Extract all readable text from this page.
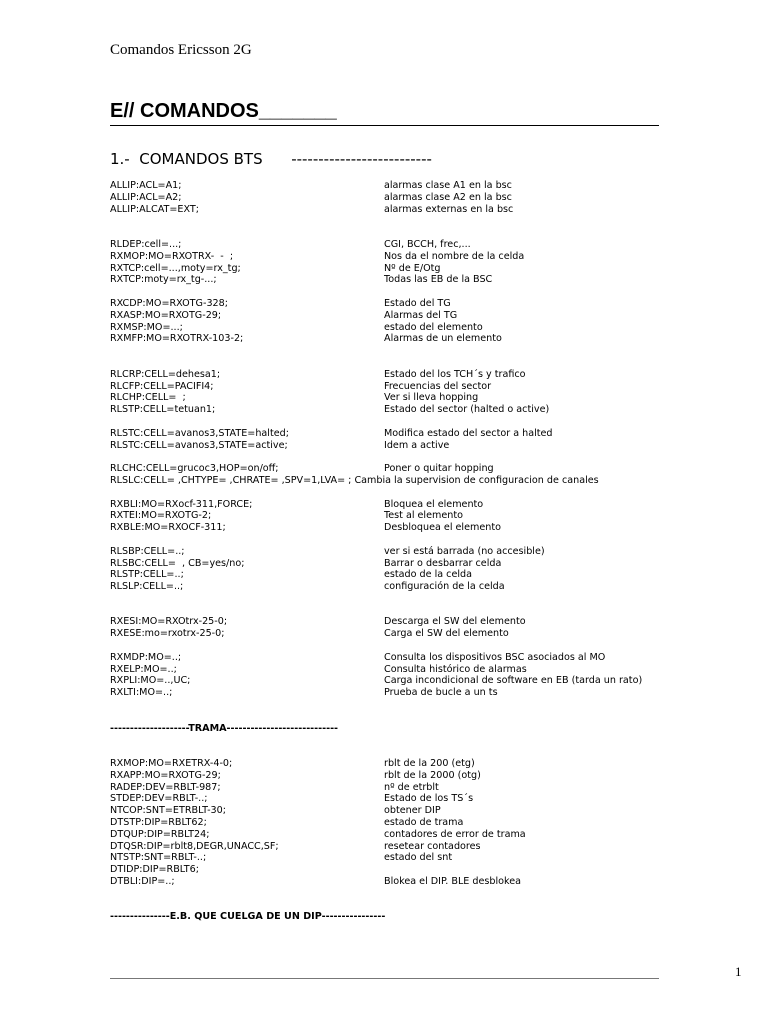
Comandos Ericsson 2G
E// COMANDOS_______
1.-  COMANDOS BTS      --------------------------
ALLIP:ACL=A1;	alarmas clase A1 en la bsc
ALLIP:ACL=A2;	alarmas clase A2 en la bsc
ALLIP:ALCAT=EXT;	alarmas externas en la bsc
RLDEP:cell=...;	CGI, BCCH, frec,...
RXMOP:MO=RXOTRX-  -  ;	Nos da el nombre de la celda
RXTCP:cell=...,moty=rx_tg;	Nº de E/Otg
RXTCP:moty=rx_tg-...;	Todas las EB de la BSC
RXCDP:MO=RXOTG-328;	Estado del TG
RXASP:MO=RXOTG-29;	Alarmas del TG
RXMSP:MO=...;	estado del elemento
RXMFP:MO=RXOTRX-103-2;	Alarmas de un elemento
RLCRP:CELL=dehesa1;	Estado del los TCH´s y trafico
RLCFP:CELL=PACIFI4;	Frecuencias del sector
RLCHP:CELL=  ;	Ver si lleva hopping
RLSTP:CELL=tetuan1;	Estado del sector (halted o active)
RLSTC:CELL=avanos3,STATE=halted;	Modifica estado del sector a halted
RLSTC:CELL=avanos3,STATE=active;	Idem a active
RLCHC:CELL=grucoc3,HOP=on/off;	Poner o quitar hopping
RLSLC:CELL= ,CHTYPE= ,CHRATE= ,SPV=1,LVA= ; Cambia la supervision de configuracion de canales
RXBLI:MO=RXocf-311,FORCE;	Bloquea el elemento
RXTEI:MO=RXOTG-2;	Test al elemento
RXBLE:MO=RXOCF-311;	Desbloquea el elemento
RLSBP:CELL=..;	ver si está barrada (no accesible)
RLSBC:CELL=  , CB=yes/no;	Barrar o desbarrar celda
RLSTP:CELL=..;	estado de la celda
RLSLP:CELL=..;	configuración de la celda
RXESI:MO=RXOtrx-25-0;	Descarga el SW del elemento
RXESE:mo=rxotrx-25-0;	Carga el SW del elemento
RXMDP:MO=..;	Consulta los dispositivos BSC asociados al MO
RXELP:MO=..;	Consulta histórico de alarmas
RXPLI:MO=..,UC;	Carga incondicional de software en EB (tarda un rato)
RXLTI:MO=..;	Prueba de bucle a un ts
--------------------TRAMA----------------------------
RXMOP:MO=RXETRX-4-0;	rblt de la 200 (etg)
RXAPP:MO=RXOTG-29;	rblt de la 2000 (otg)
RADEP:DEV=RBLT-987;	nº de etrblt
STDEP:DEV=RBLT-..;	Estado de los TS´s
NTCOP:SNT=ETRBLT-30;	obtener DIP
DTSTP:DIP=RBLT62;	estado de trama
DTQUP:DIP=RBLT24;	contadores de error de trama
DTQSR:DIP=rblt8,DEGR,UNACC,SF;	resetear contadores
NTSTP:SNT=RBLT-..;	estado del snt
DTIDP:DIP=RBLT6;
DTBLI:DIP=..;	Blokea el DIP. BLE desblokea
---------------E.B. QUE CUELGA DE UN DIP----------------
1
